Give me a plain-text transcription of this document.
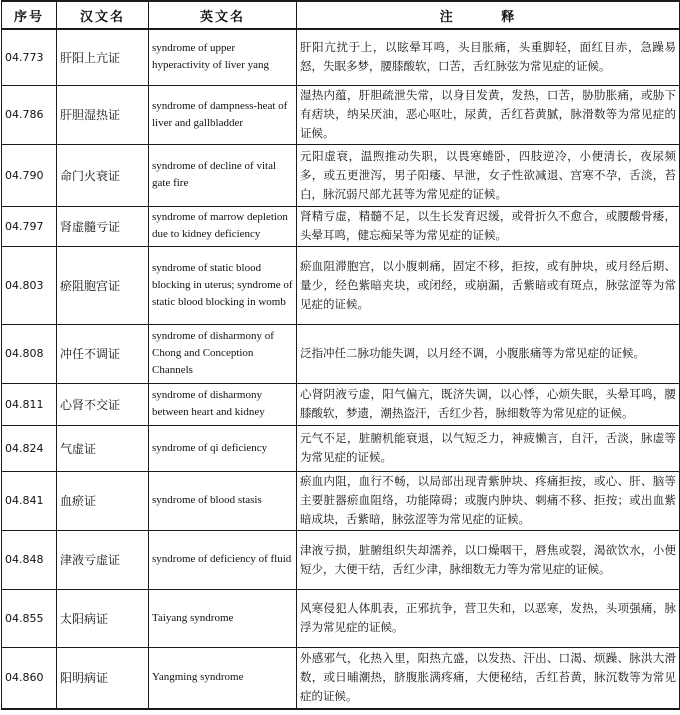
序号	汉文名	英文名	注 释
04.773	肝阳上亢证	syndrome of upper hyperactivity of liver yang	肝阳亢扰于上，以眩晕耳鸣，头目胀痛，头重脚轻，面红目赤，急躁易怒，失眠多梦，腰膝酸软，口苦，舌红脉弦为常见症的证候。
04.786	肝胆湿热证	syndrome of dampness-heat of liver and gallbladder	湿热内蕴，肝胆疏泄失常，以身目发黄，发热，口苦，胁肋胀痛，或胁下有痞块，纳呆厌油，恶心呕吐，尿黄，舌红苔黄腻，脉滑数等为常见症的证候。
04.790	命门火衰证	syndrome of decline of vital gate fire	元阳虚衰，温煦推动失职，以畏寒蜷卧，四肢逆冷，小便清长，夜尿频多，或五更泄泻，男子阳痿、早泄，女子性欲减退、宫寒不孕，舌淡，苔白，脉沉弱尺部尤甚等为常见症的证候。
04.797	肾虚髓亏证	syndrome of marrow depletion due to kidney deficiency	肾精亏虚，精髓不足，以生长发育迟缓，或骨折久不愈合，或腰酸骨痿，头晕耳鸣，健忘痴呆等为常见症的证候。
04.803	瘀阻胞宫证	syndrome of static blood blocking in uterus; syndrome of static blood blocking in womb	瘀血阻滞胞宫，以小腹刺痛，固定不移，拒按，或有肿块，或月经后期、量少，经色紫暗夹块，或闭经，或崩漏，舌紫暗或有斑点，脉弦涩等为常见症的证候。
04.808	冲任不调证	syndrome of disharmony of Chong and Conception Channels	泛指冲任二脉功能失调，以月经不调，小腹胀痛等为常见症的证候。
04.811	心肾不交证	syndrome of disharmony between heart and kidney	心肾阴液亏虚，阳气偏亢，既济失调，以心悸，心烦失眠，头晕耳鸣，腰膝酸软，梦遗，潮热盗汗，舌红少苔，脉细数等为常见症的证候。
04.824	气虚证	syndrome of qi deficiency	元气不足，脏腑机能衰退，以气短乏力，神疲懒言，自汗，舌淡，脉虚等为常见症的证候。
04.841	血瘀证	syndrome of blood stasis	瘀血内阻，血行不畅，以局部出现青紫肿块、疼痛拒按，或心、肝、脑等主要脏器瘀血阻络，功能障碍；或腹内肿块、刺痛不移、拒按；或出血紫暗成块，舌紫暗，脉弦涩等为常见症的证候。
04.848	津液亏虚证	syndrome of deficiency of fluid	津液亏损，脏腑组织失却濡养，以口燥咽干，唇焦或裂，渴欲饮水，小便短少，大便干结，舌红少津，脉细数无力等为常见症的证候。
04.855	太阳病证	Taiyang syndrome	风寒侵犯人体肌表，正邪抗争，营卫失和，以恶寒，发热，头项强痛，脉浮为常见症的证候。
04.860	阳明病证	Yangming syndrome	外感邪气，化热入里，阳热亢盛，以发热、汗出、口渴、烦躁、脉洪大滑数，或日晡潮热，脐腹胀满疼痛，大便秘结，舌红苔黄，脉沉数等为常见症的证候。
